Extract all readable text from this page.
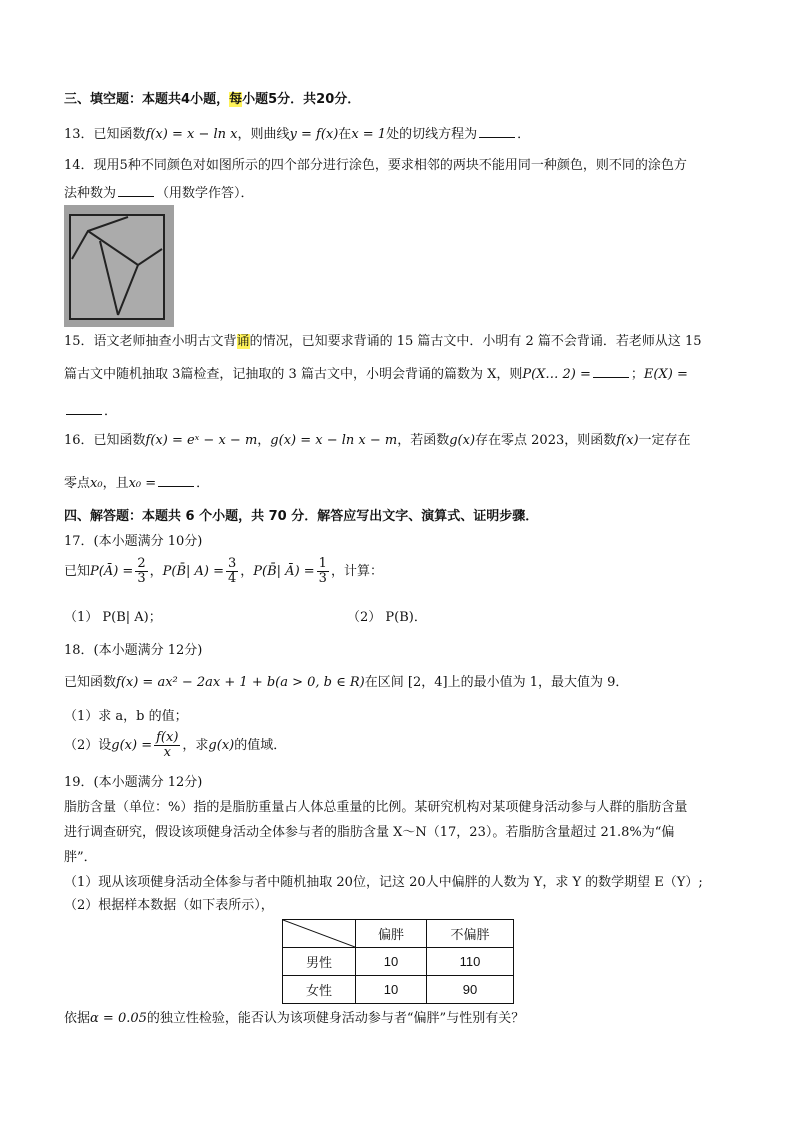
三、填空题：本题共4小题，每小题5分．共20分．
13．已知函数f(x) = x − ln x，则曲线y = f(x)在x = 1处的切线方程为	．
14．现用5种不同颜色对如图所示的四个部分进行涂色，要求相邻的两块不能用同一种颜色，则不同的涂色方
法种数为	（用数学作答）．
15．语文老师抽查小明古文背诵的情况，已知要求背诵的 15 篇古文中．小明有 2 篇不会背诵．若老师从这 15
篇古文中随机抽取 3篇检查，记抽取的 3 篇古文中，小明会背诵的篇数为 X，则P(X… 2) =	；E(X) =
．
16．已知函数f(x) = eˣ − x − m，g(x) = x − ln x − m，若函数g(x)存在零点 2023，则函数f(x)一定存在
零点x₀，且x₀ =	．
四、解答题：本题共 6 个小题，共 70 分．解答应写出文字、演算式、证明步骤．
17．(本小题满分 10分)
已知P(Ā) = $\frac{2}{3}$ ，P(B̄| $A) = \frac{3}{4}$ ，P(B̄| Ā) = $\frac{1}{3}$ ，计算：
（1） P(B| A)；	（2） P(B)．
18．(本小题满分 12分)
已知函数f(x) = ax² − 2ax + 1 + b(a > 0, b ∈ R)在区间 [2，4]上的最小值为 1，最大值为 9．
（1）求 a，b 的值；
（2）设$g(x) = \frac{f(x)}{x}$ ，求g(x)的值域．
19．(本小题满分 12分)
脂肪含量（单位：%）指的是脂肪重量占人体总重量的比例。某研究机构对某项健身活动参与人群的脂肪含量
进行调查研究，假设该项健身活动全体参与者的脂肪含量 X～N（17，23）。若脂肪含量超过 21.8%为“偏
胖”．
（1）现从该项健身活动全体参与者中随机抽取 20位，记这 20人中偏胖的人数为 Y，求 Y 的数学期望 E（Y）;
（2）根据样本数据（如下表所示），
	偏胖	不偏胖
男性	10	110
女性	10	90
依据α = 0.05的独立性检验，能否认为该项健身活动参与者“偏胖”与性别有关？
